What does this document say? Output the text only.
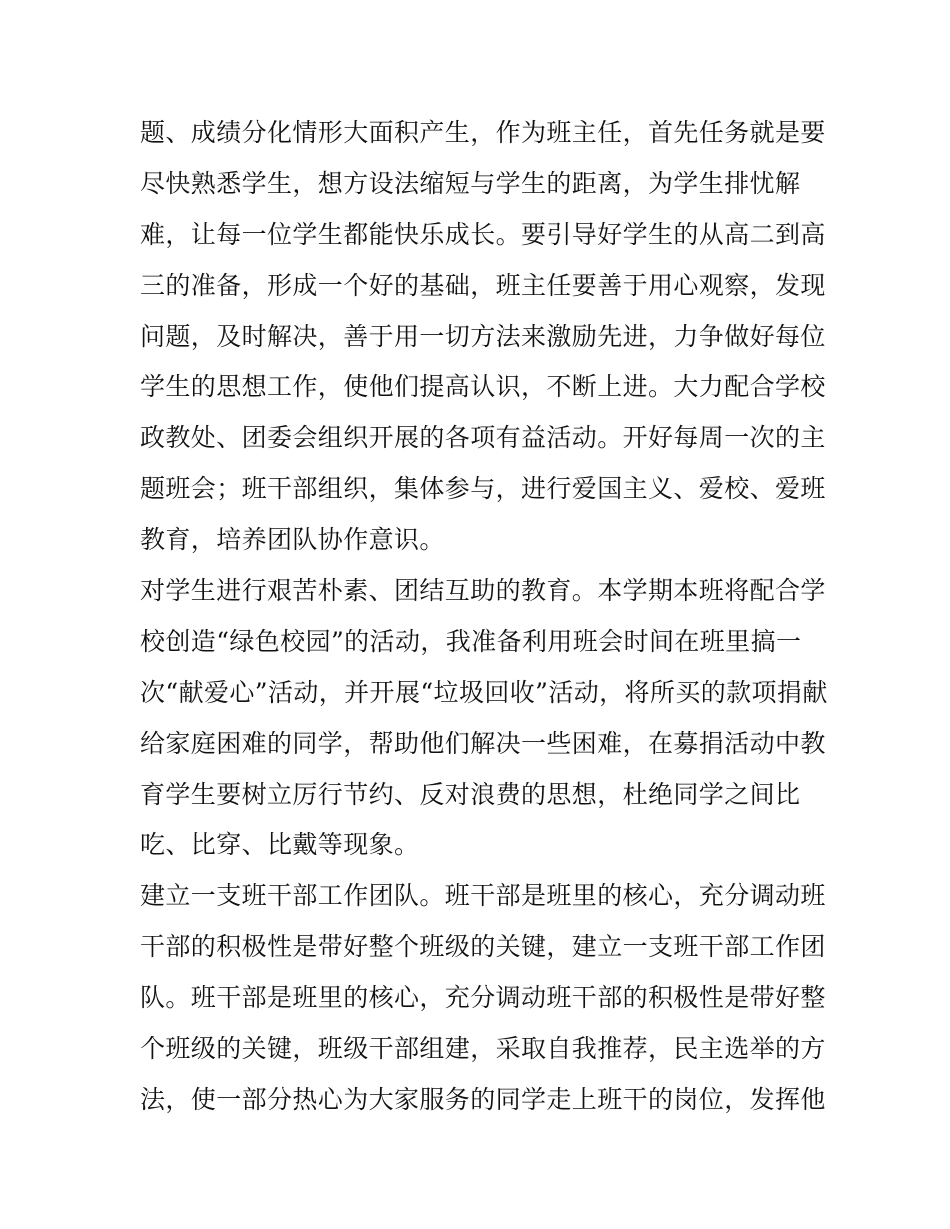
题、成绩分化情形大面积产生，作为班主任，首先任务就是要
尽快熟悉学生，想方设法缩短与学生的距离，为学生排忧解
难，让每一位学生都能快乐成长。要引导好学生的从高二到高
三的准备，形成一个好的基础，班主任要善于用心观察，发现
问题，及时解决，善于用一切方法来激励先进，力争做好每位
学生的思想工作，使他们提高认识，不断上进。大力配合学校
政教处、团委会组织开展的各项有益活动。开好每周一次的主
题班会；班干部组织，集体参与，进行爱国主义、爱校、爱班
教育，培养团队协作意识。
对学生进行艰苦朴素、团结互助的教育。本学期本班将配合学
校创造“绿色校园”的活动，我准备利用班会时间在班里搞一
次“献爱心”活动，并开展“垃圾回收”活动，将所买的款项捐献
给家庭困难的同学，帮助他们解决一些困难，在募捐活动中教
育学生要树立厉行节约、反对浪费的思想，杜绝同学之间比
吃、比穿、比戴等现象。
建立一支班干部工作团队。班干部是班里的核心，充分调动班
干部的积极性是带好整个班级的关键，建立一支班干部工作团
队。班干部是班里的核心，充分调动班干部的积极性是带好整
个班级的关键，班级干部组建，采取自我推荐，民主选举的方
法，使一部分热心为大家服务的同学走上班干的岗位，发挥他
